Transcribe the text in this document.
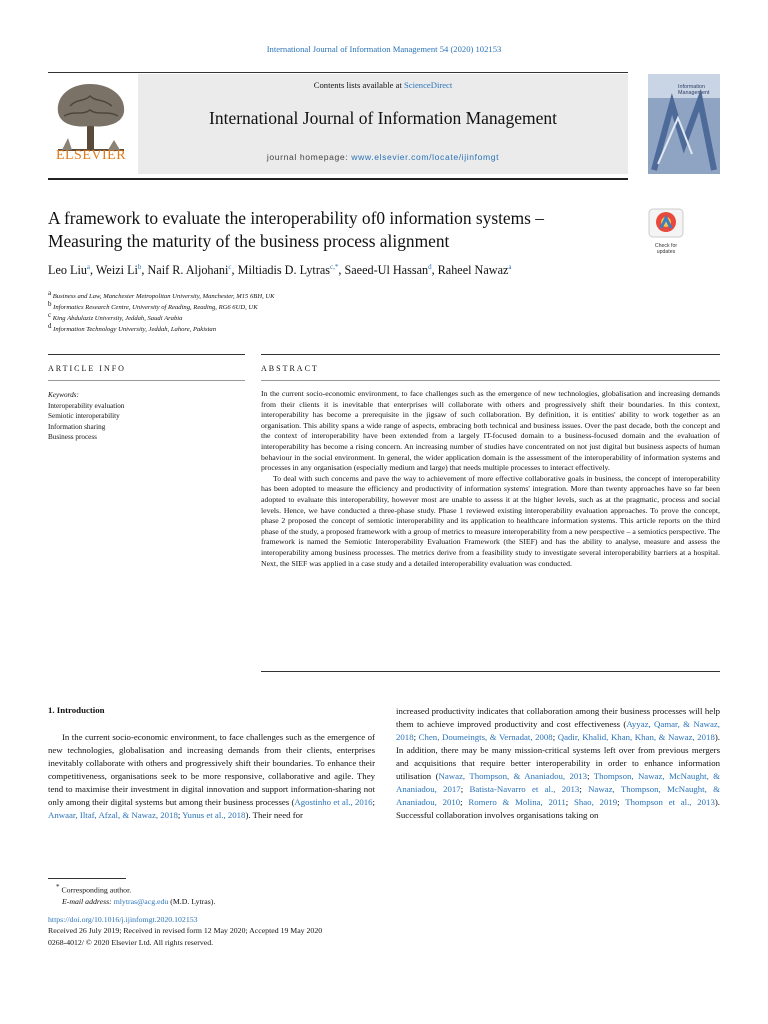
International Journal of Information Management 54 (2020) 102153
ELSEVIER
Contents lists available at ScienceDirect
International Journal of Information Management
journal homepage: www.elsevier.com/locate/ijinfomgt
Information
Management
A framework to evaluate the interoperability of0 information systems –
Measuring the maturity of the business process alignment	Check for
updates
Leo Liu$^a$, Weizi Li$^b$, Naif R. Aljohani$^c$, Miltiadis D. Lytras$^{c,*}$, Saeed-Ul Hassan$^d$, Raheel Nawaz$^a$
$^a$ Business and Law, Manchester Metropolitan University, Manchester, M15 6BH, UK
$^b$ Informatics Research Centre, University of Reading, Reading, RG6 6UD, UK
$^c$ King Abdulaziz University, Jeddah, Saudi Arabia
$^d$ Information Technology University, Jeddah, Lahore, Pakistan
ARTICLE INFO	ABSTRACT
Keywords:
Interoperability evaluation
Semiotic interoperability
Information sharing
Business process

In the current socio-economic environment, to face challenges such as the emergence of new technologies, globalisation and increasing demands from their clients it is inevitable that enterprises will collaborate with others and progressively shift their boundaries. In this context, interoperability has become a prerequisite in the jigsaw of such collaboration. By definition, it is entities' ability to work together as an organisation. This ability spans a wide range of aspects, embracing both technical and business issues. Over the past decade, both the concept and the context of interoperability have been extended from a largely IT-focused domain to a business-focused domain and the evaluation of interoperability has become a rising concern. An increasing number of studies have concentrated on not just digital but business aspects of human behaviour in the social environment. In general, the wider application domain is the assessment of the interoperability of information systems and processes in any organisation (especially medium and large) that needs multiple processes to interact effectively.

To deal with such concerns and pave the way to achievement of more effective collaborative goals in business, the concept of interoperability has been adopted to measure the efficiency and productivity of information systems' integration. More than twenty approaches have so far been adopted to evaluate this interoperability, however most are unable to assess it at the higher levels, such as at the pragmatic, process and social levels. Hence, we have conducted a three-phase study. Phase 1 reviewed existing interoperability evaluation approaches. To prove the concept, phase 2 proposed the concept of semiotic interoperability and its application to healthcare information systems. This article reports on the third phase of the study, a proposed framework with a group of metrics to measure interoperability from a new perspective – a semiotics perspective. The framework is named the Semiotic Interoperability Evaluation Framework (the SIEF) and has the ability to analyse, measure and assess the interoperability among business processes. The metrics derive from a feasibility study to investigate several interoperability barriers at a hospital. Next, the SIEF was applied in a case study and a detailed interoperability evaluation was conducted.

1. Introduction
In the current socio-economic environment, to face challenges such as the emergence of new technologies, globalisation and increasing demands from their clients, enterprises inevitably collaborate with others and progressively shift their boundaries. To enhance their competitiveness, organisations seek to be more responsive, collaborative and agile. They tend to maximise their investment in digital innovation and support information-sharing not only among their digital systems but among their business processes (Agostinho et al., 2016; Anwaar, Iltaf, Afzal, & Nawaz, 2018; Yunus et al., 2018). Their need for
increased productivity indicates that collaboration among their business processes will help them to achieve improved productivity and cost effectiveness (Ayyaz, Qamar, & Nawaz, 2018; Chen, Doumeingts, & Vernadat, 2008; Qadir, Khalid, Khan, Khan, & Nawaz, 2018). In addition, there may be many mission-critical systems left over from previous mergers and acquisitions that require better interoperability in order to enhance information utilisation (Nawaz, Thompson, & Ananiadou, 2013; Thompson, Nawaz, McNaught, & Ananiadou, 2017; Batista-Navarro et al., 2013; Nawaz, Thompson, McNaught, & Ananiadou, 2010; Romero & Molina, 2011; Shao, 2019; Thompson et al., 2013). Successful collaboration involves organisations taking on
* Corresponding author.
E-mail address: mlytras@acg.edu (M.D. Lytras).
https://doi.org/10.1016/j.ijinfomgt.2020.102153
Received 26 July 2019; Received in revised form 12 May 2020; Accepted 19 May 2020
0268-4012/ © 2020 Elsevier Ltd. All rights reserved.
